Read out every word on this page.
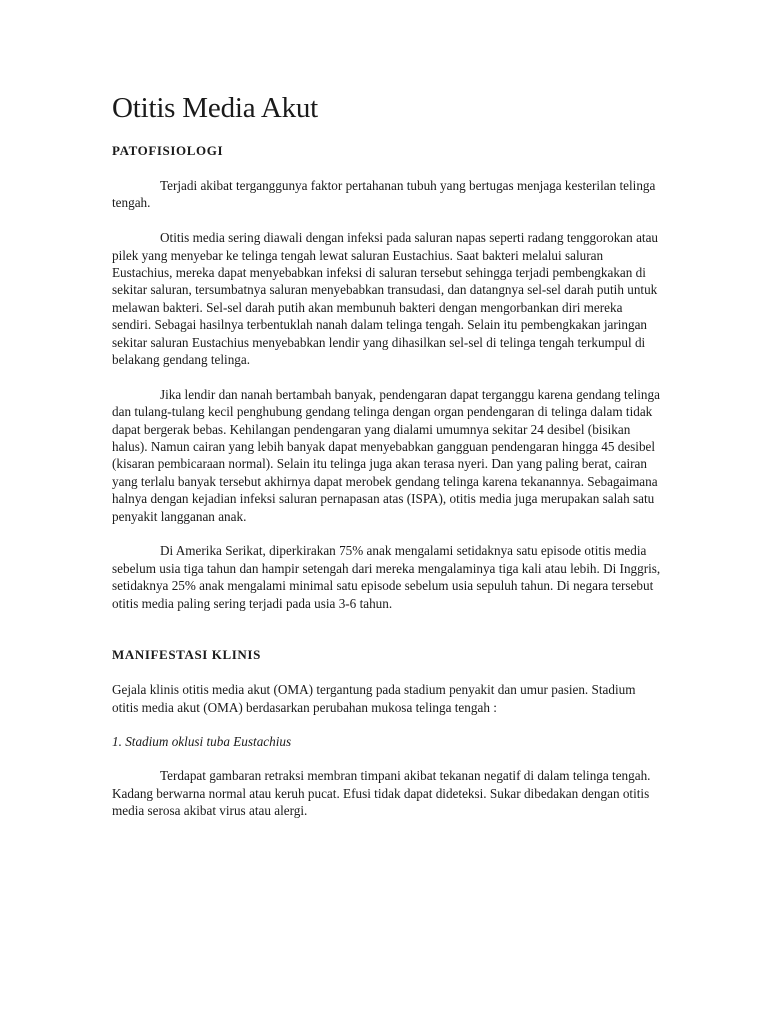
Otitis Media Akut
PATOFISIOLOGI

Terjadi akibat terganggunya faktor pertahanan tubuh yang bertugas menjaga kesterilan telinga tengah.

Otitis media sering diawali dengan infeksi pada saluran napas seperti radang tenggorokan atau pilek yang menyebar ke telinga tengah lewat saluran Eustachius. Saat bakteri melalui saluran Eustachius, mereka dapat menyebabkan infeksi di saluran tersebut sehingga terjadi pembengkakan di sekitar saluran, tersumbatnya saluran menyebabkan transudasi, dan datangnya sel-sel darah putih untuk melawan bakteri. Sel-sel darah putih akan membunuh bakteri dengan mengorbankan diri mereka sendiri. Sebagai hasilnya terbentuklah nanah dalam telinga tengah. Selain itu pembengkakan jaringan sekitar saluran Eustachius menyebabkan lendir yang dihasilkan sel-sel di telinga tengah terkumpul di belakang gendang telinga.

Jika lendir dan nanah bertambah banyak, pendengaran dapat terganggu karena gendang telinga dan tulang-tulang kecil penghubung gendang telinga dengan organ pendengaran di telinga dalam tidak dapat bergerak bebas. Kehilangan pendengaran yang dialami umumnya sekitar 24 desibel (bisikan halus). Namun cairan yang lebih banyak dapat menyebabkan gangguan pendengaran hingga 45 desibel (kisaran pembicaraan normal). Selain itu telinga juga akan terasa nyeri. Dan yang paling berat, cairan yang terlalu banyak tersebut akhirnya dapat merobek gendang telinga karena tekanannya. Sebagaimana halnya dengan kejadian infeksi saluran pernapasan atas (ISPA), otitis media juga merupakan salah satu penyakit langganan anak.

Di Amerika Serikat, diperkirakan 75% anak mengalami setidaknya satu episode otitis media sebelum usia tiga tahun dan hampir setengah dari mereka mengalaminya tiga kali atau lebih. Di Inggris, setidaknya 25% anak mengalami minimal satu episode sebelum usia sepuluh tahun. Di negara tersebut otitis media paling sering terjadi pada usia 3-6 tahun.

MANIFESTASI KLINIS

Gejala klinis otitis media akut (OMA) tergantung pada stadium penyakit dan umur pasien. Stadium otitis media akut (OMA) berdasarkan perubahan mukosa telinga tengah :

1. Stadium oklusi tuba Eustachius

Terdapat gambaran retraksi membran timpani akibat tekanan negatif di dalam telinga tengah. Kadang berwarna normal atau keruh pucat. Efusi tidak dapat dideteksi. Sukar dibedakan dengan otitis media serosa akibat virus atau alergi.
